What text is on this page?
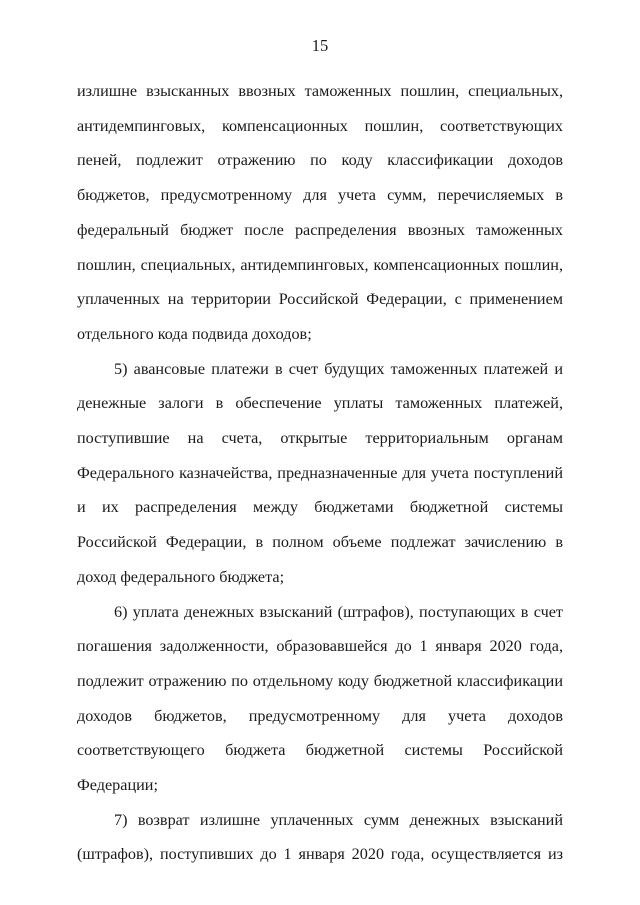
15

излишне взысканных ввозных таможенных пошлин, специальных, антидемпинговых, компенсационных пошлин, соответствующих пеней, подлежит отражению по коду классификации доходов бюджетов, предусмотренному для учета сумм, перечисляемых в федеральный бюджет после распределения ввозных таможенных пошлин, специальных, антидемпинговых, компенсационных пошлин, уплаченных на территории Российской Федерации, с применением отдельного кода подвида доходов;

5) авансовые платежи в счет будущих таможенных платежей и денежные залоги в обеспечение уплаты таможенных платежей, поступившие на счета, открытые территориальным органам Федерального казначейства, предназначенные для учета поступлений и их распределения между бюджетами бюджетной системы Российской Федерации, в полном объеме подлежат зачислению в доход федерального бюджета;

6) уплата денежных взысканий (штрафов), поступающих в счет погашения задолженности, образовавшейся до 1 января 2020 года, подлежит отражению по отдельному коду бюджетной классификации доходов бюджетов, предусмотренному для учета доходов соответствующего бюджета бюджетной системы Российской Федерации;

7) возврат излишне уплаченных сумм денежных взысканий (штрафов), поступивших до 1 января 2020 года, осуществляется из
